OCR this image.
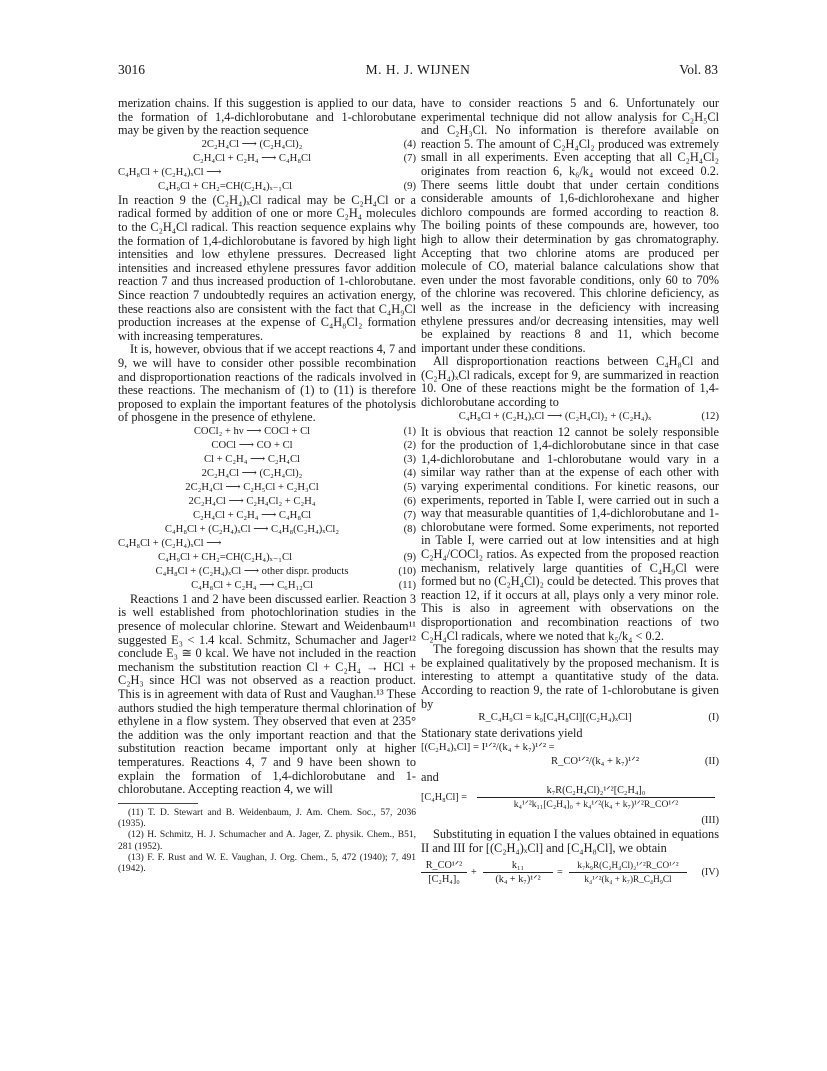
3016	M. H. J. WIJNEN	Vol. 83

merization chains. If this suggestion is applied to our data, the formation of 1,4-dichlorobutane and 1-chlorobutane may be given by the reaction sequence

2C₂H₄Cl ⟶ (C₂H₄Cl)₂	(4)
C₂H₄Cl + C₂H₄ ⟶ C₄H₈Cl	(7)
C₄H₈Cl + (C₂H₄)ₓCl ⟶
C₄H₉Cl + CH₂=CH(C₂H₄)ₓ₋₁Cl	(9)

In reaction 9 the (C₂H₄)ₓCl radical may be C₂H₄Cl or a radical formed by addition of one or more C₂H₄ molecules to the C₂H₄Cl radical. This reaction sequence explains why the formation of 1,4-dichlorobutane is favored by high light intensities and low ethylene pressures. Decreased light intensities and increased ethylene pressures favor addition reaction 7 and thus increased production of 1-chlorobutane. Since reaction 7 undoubtedly requires an activation energy, these reactions also are consistent with the fact that C₄H₉Cl production increases at the expense of C₄H₈Cl₂ formation with increasing temperatures.

It is, however, obvious that if we accept reactions 4, 7 and 9, we will have to consider other possible recombination and disproportionation reactions of the radicals involved in these reactions. The mechanism of (1) to (11) is therefore proposed to explain the important features of the photolysis of phosgene in the presence of ethylene.

COCl₂ + hν ⟶ COCl + Cl	(1)
COCl ⟶ CO + Cl	(2)
Cl + C₂H₄ ⟶ C₂H₄Cl	(3)
2C₂H₄Cl ⟶ (C₂H₄Cl)₂	(4)
2C₂H₄Cl ⟶ C₂H₅Cl + C₂H₃Cl	(5)
2C₂H₄Cl ⟶ C₂H₄Cl₂ + C₂H₄	(6)
C₂H₄Cl + C₂H₄ ⟶ C₄H₈Cl	(7)
C₄H₈Cl + (C₂H₄)ₓCl ⟶ C₄H₈(C₂H₄)ₓCl₂	(8)
C₄H₈Cl + (C₂H₄)ₓCl ⟶
C₄H₉Cl + CH₂=CH(C₂H₄)ₓ₋₁Cl	(9)
C₄H₈Cl + (C₂H₄)ₓCl ⟶ other dispr. products	(10)
C₄H₈Cl + C₂H₄ ⟶ C₆H₁₂Cl	(11)

Reactions 1 and 2 have been discussed earlier. Reaction 3 is well established from photochlorination studies in the presence of molecular chlorine. Stewart and Weidenbaum¹¹ suggested E₃ < 1.4 kcal. Schmitz, Schumacher and Jager¹² conclude E₃ ≅ 0 kcal. We have not included in the reaction mechanism the substitution reaction Cl + C₂H₄ → HCl + C₂H₃ since HCl was not observed as a reaction product. This is in agreement with data of Rust and Vaughan.¹³ These authors studied the high temperature thermal chlorination of ethylene in a flow system. They observed that even at 235° the addition was the only important reaction and that the substitution reaction became important only at higher temperatures. Reactions 4, 7 and 9 have been shown to explain the formation of 1,4-dichlorobutane and 1-chlorobutane. Accepting reaction 4, we will

(11) T. D. Stewart and B. Weidenbaum, J. Am. Chem. Soc., 57, 2036 (1935).

(12) H. Schmitz, H. J. Schumacher and A. Jager, Z. physik. Chem., B51, 281 (1952).

(13) F. F. Rust and W. E. Vaughan, J. Org. Chem., 5, 472 (1940); 7, 491 (1942).

have to consider reactions 5 and 6. Unfortunately our experimental technique did not allow analysis for C₂H₅Cl and C₂H₃Cl. No information is therefore available on reaction 5. The amount of C₂H₄Cl₂ produced was extremely small in all experiments. Even accepting that all C₂H₄Cl₂ originates from reaction 6, k₆/k₄ would not exceed 0.2. There seems little doubt that under certain conditions considerable amounts of 1,6-dichlorohexane and higher dichloro compounds are formed according to reaction 8. The boiling points of these compounds are, however, too high to allow their determination by gas chromatography. Accepting that two chlorine atoms are produced per molecule of CO, material balance calculations show that even under the most favorable conditions, only 60 to 70% of the chlorine was recovered. This chlorine deficiency, as well as the increase in the deficiency with increasing ethylene pressures and/or decreasing intensities, may well be explained by reactions 8 and 11, which become important under these conditions.

All disproportionation reactions between C₄H₈Cl and (C₂H₄)ₓCl radicals, except for 9, are summarized in reaction 10. One of these reactions might be the formation of 1,4-dichlorobutane according to

C₄H₈Cl + (C₂H₄)ₓCl ⟶ (C₂H₄Cl)₂ + (C₂H₄)ₓ	(12)

It is obvious that reaction 12 cannot be solely responsible for the production of 1,4-dichlorobutane since in that case 1,4-dichlorobutane and 1-chlorobutane would vary in a similar way rather than at the expense of each other with varying experimental conditions. For kinetic reasons, our experiments, reported in Table I, were carried out in such a way that measurable quantities of 1,4-dichlorobutane and 1-chlorobutane were formed. Some experiments, not reported in Table I, were carried out at low intensities and at high C₂H₄/COCl₂ ratios. As expected from the proposed reaction mechanism, relatively large quantities of C₄H₉Cl were formed but no (C₂H₄Cl)₂ could be detected. This proves that reaction 12, if it occurs at all, plays only a very minor role. This is also in agreement with observations on the disproportionation and recombination reactions of two C₂H₄Cl radicals, where we noted that k₅/k₄ < 0.2.

The foregoing discussion has shown that the results may be explained qualitatively by the proposed mechanism. It is interesting to attempt a quantitative study of the data. According to reaction 9, the rate of 1-chlorobutane is given by

R_C₄H₉Cl = k₉[C₄H₈Cl][(C₂H₄)ₓCl]	(I)

Stationary state derivations yield

[(C₂H₄)ₓCl] = I¹ᐟ²/(k₄ + k₇)¹ᐟ² =
R_CO¹ᐟ²/(k₄ + k₇)¹ᐟ²	(II)

and

[C₄H₈Cl] =
k₇R(C₂H₄Cl)₂¹ᐟ²[C₂H₄]₀
k₄¹ᐟ²k₁₁[C₂H₄]₀ + k₄¹ᐟ²(k₄ + k₇)¹ᐟ²R_CO¹ᐟ²
(III)

Substituting in equation I the values obtained in equations II and III for [(C₂H₄)ₓCl] and [C₄H₈Cl], we obtain

R_CO¹ᐟ²
[C₂H₄]₀
+
k₁₁
(k₄ + k₇)¹ᐟ²
=
k₇k₉R(C₂H₄Cl)₂¹ᐟ²R_CO¹ᐟ²
k₄¹ᐟ²(k₄ + k₇)R_C₄H₉Cl
(IV)
